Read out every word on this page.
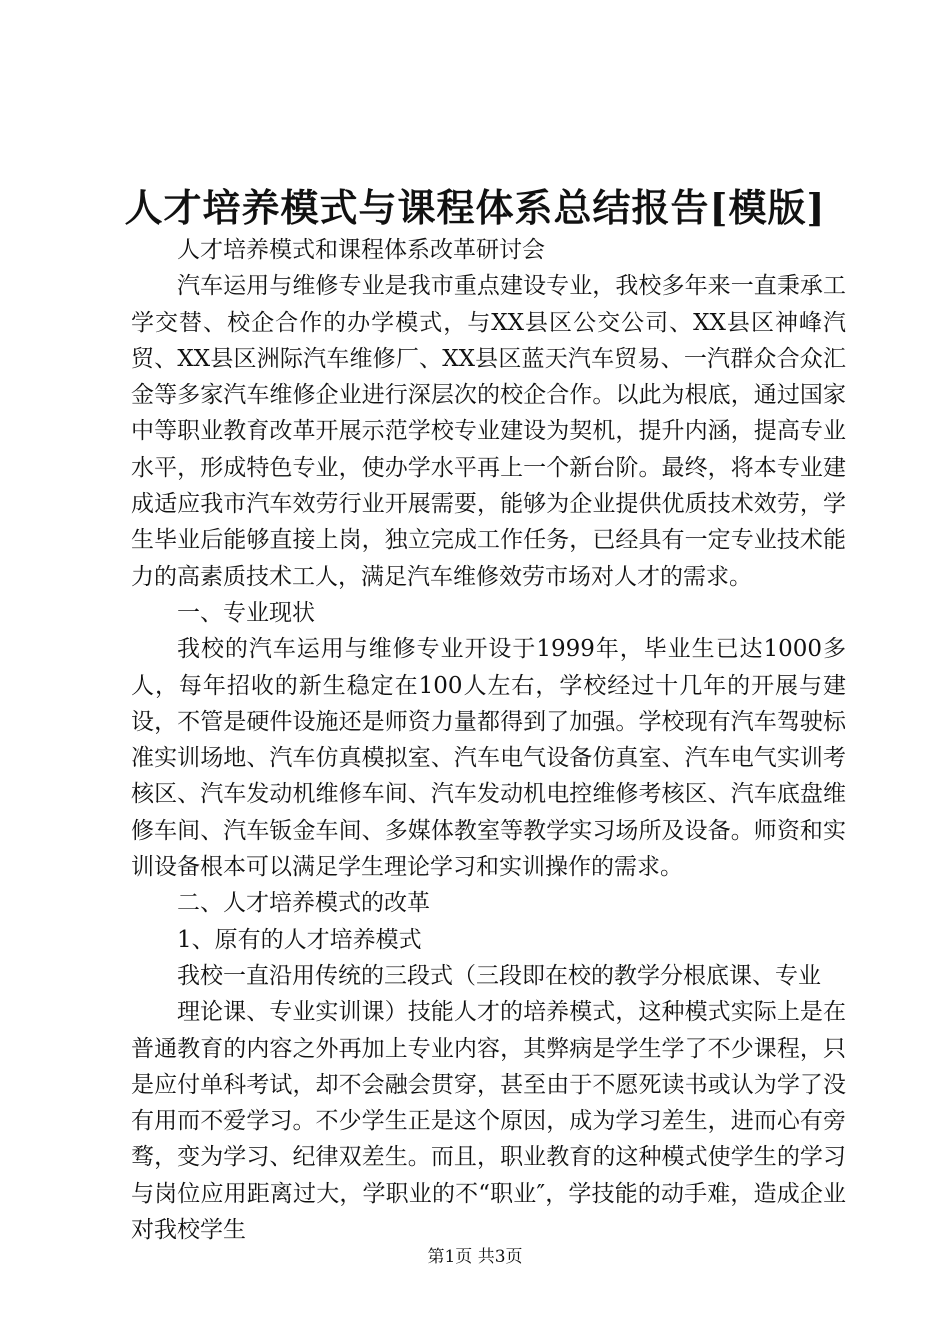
人才培养模式与课程体系总结报告[模版]

人才培养模式和课程体系改革研讨会

汽车运用与维修专业是我市重点建设专业，我校多年来一直秉承工学交替、校企合作的办学模式，与XX县区公交公司、XX县区神峰汽贸、XX县区洲际汽车维修厂、XX县区蓝天汽车贸易、一汽群众合众汇金等多家汽车维修企业进行深层次的校企合作。以此为根底，通过国家中等职业教育改革开展示范学校专业建设为契机，提升内涵，提高专业水平，形成特色专业，使办学水平再上一个新台阶。最终，将本专业建成适应我市汽车效劳行业开展需要，能够为企业提供优质技术效劳，学生毕业后能够直接上岗，独立完成工作任务，已经具有一定专业技术能力的高素质技术工人，满足汽车维修效劳市场对人才的需求。

一、专业现状

我校的汽车运用与维修专业开设于1999年，毕业生已达1000多人，每年招收的新生稳定在100人左右，学校经过十几年的开展与建设，不管是硬件设施还是师资力量都得到了加强。学校现有汽车驾驶标准实训场地、汽车仿真模拟室、汽车电气设备仿真室、汽车电气实训考核区、汽车发动机维修车间、汽车发动机电控维修考核区、汽车底盘维修车间、汽车钣金车间、多媒体教室等教学实习场所及设备。师资和实训设备根本可以满足学生理论学习和实训操作的需求。

二、人才培养模式的改革

1、原有的人才培养模式

我校一直沿用传统的三段式（三段即在校的教学分根底课、专业

理论课、专业实训课）技能人才的培养模式，这种模式实际上是在普通教育的内容之外再加上专业内容，其弊病是学生学了不少课程，只是应付单科考试，却不会融会贯穿，甚至由于不愿死读书或认为学了没有用而不爱学习。不少学生正是这个原因，成为学习差生，进而心有旁骛，变为学习、纪律双差生。而且，职业教育的这种模式使学生的学习与岗位应用距离过大，学职业的不“职业″，学技能的动手难，造成企业对我校学生

第1页 共3页
